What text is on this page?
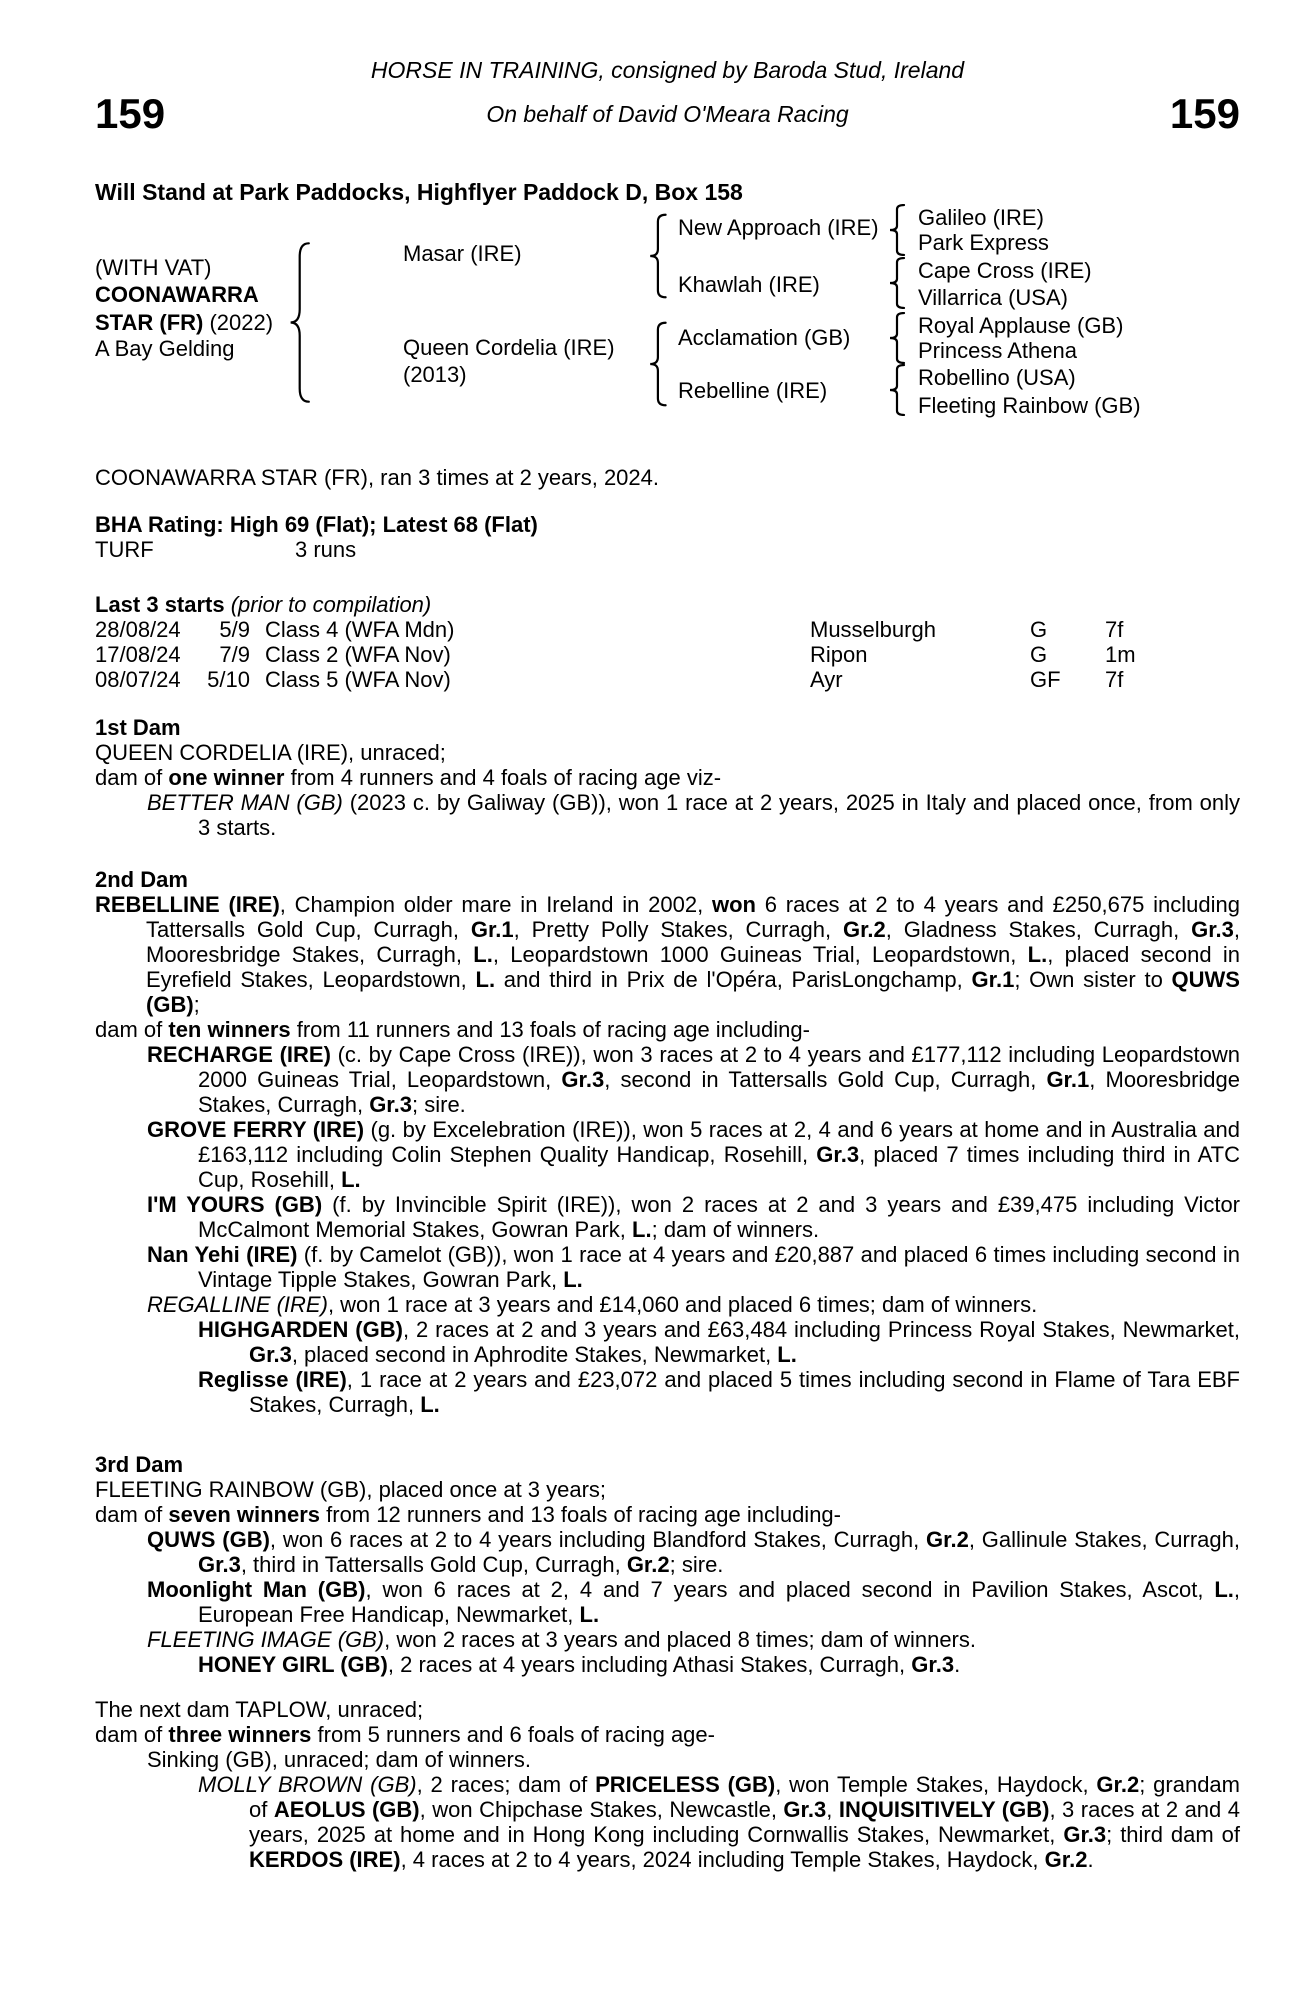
HORSE IN TRAINING, consigned by Baroda Stud, Ireland
159	159
On behalf of David O'Meara Racing
Will Stand at Park Paddocks, Highflyer Paddock D, Box 158
(WITH VAT)
COONAWARRA
STAR (FR) (2022)
A Bay Gelding
Masar (IRE)
Queen Cordelia (IRE)
(2013)
New Approach (IRE)
Khawlah (IRE)
Acclamation (GB)
Rebelline (IRE)
Galileo (IRE)
Park Express
Cape Cross (IRE)
Villarrica (USA)
Royal Applause (GB)
Princess Athena
Robellino (USA)
Fleeting Rainbow (GB)

COONAWARRA STAR (FR), ran 3 times at 2 years, 2024.

BHA Rating: High 69 (Flat); Latest 68 (Flat)

TURF	3 runs

Last 3 starts (prior to compilation)

28/08/24	5/9 Class 4 (WFA Mdn)	Musselburgh	G	7f
17/08/24	7/9 Class 2 (WFA Nov)	Ripon	G	1m
08/07/24	5/10 Class 5 (WFA Nov)	Ayr	GF 7f
1st Dam

QUEEN CORDELIA (IRE), unraced;

dam of one winner from 4 runners and 4 foals of racing age viz-

BETTER MAN (GB) (2023 c. by Galiway (GB)), won 1 race at 2 years, 2025 in Italy and placed once, from only 3 starts.

2nd Dam

REBELLINE (IRE), Champion older mare in Ireland in 2002, won 6 races at 2 to 4 years and £250,675 including Tattersalls Gold Cup, Curragh, Gr.1, Pretty Polly Stakes, Curragh, Gr.2, Gladness Stakes, Curragh, Gr.3, Mooresbridge Stakes, Curragh, L., Leopardstown 1000 Guineas Trial, Leopardstown, L., placed second in Eyrefield Stakes, Leopardstown, L. and third in Prix de l'Opéra, ParisLongchamp, Gr.1; Own sister to QUWS (GB);

dam of ten winners from 11 runners and 13 foals of racing age including-

RECHARGE (IRE) (c. by Cape Cross (IRE)), won 3 races at 2 to 4 years and £177,112 including Leopardstown 2000 Guineas Trial, Leopardstown, Gr.3, second in Tattersalls Gold Cup, Curragh, Gr.1, Mooresbridge Stakes, Curragh, Gr.3; sire.

GROVE FERRY (IRE) (g. by Excelebration (IRE)), won 5 races at 2, 4 and 6 years at home and in Australia and £163,112 including Colin Stephen Quality Handicap, Rosehill, Gr.3, placed 7 times including third in ATC Cup, Rosehill, L.

I'M YOURS (GB) (f. by Invincible Spirit (IRE)), won 2 races at 2 and 3 years and £39,475 including Victor McCalmont Memorial Stakes, Gowran Park, L.; dam of winners.

Nan Yehi (IRE) (f. by Camelot (GB)), won 1 race at 4 years and £20,887 and placed 6 times including second in Vintage Tipple Stakes, Gowran Park, L.

REGALLINE (IRE), won 1 race at 3 years and £14,060 and placed 6 times; dam of winners.

HIGHGARDEN (GB), 2 races at 2 and 3 years and £63,484 including Princess Royal Stakes, Newmarket, Gr.3, placed second in Aphrodite Stakes, Newmarket, L.

Reglisse (IRE), 1 race at 2 years and £23,072 and placed 5 times including second in Flame of Tara EBF Stakes, Curragh, L.

3rd Dam

FLEETING RAINBOW (GB), placed once at 3 years;

dam of seven winners from 12 runners and 13 foals of racing age including-

QUWS (GB), won 6 races at 2 to 4 years including Blandford Stakes, Curragh, Gr.2, Gallinule Stakes, Curragh, Gr.3, third in Tattersalls Gold Cup, Curragh, Gr.2; sire.

Moonlight Man (GB), won 6 races at 2, 4 and 7 years and placed second in Pavilion Stakes, Ascot, L., European Free Handicap, Newmarket, L.

FLEETING IMAGE (GB), won 2 races at 3 years and placed 8 times; dam of winners.

HONEY GIRL (GB), 2 races at 4 years including Athasi Stakes, Curragh, Gr.3.

The next dam TAPLOW, unraced;

dam of three winners from 5 runners and 6 foals of racing age-

Sinking (GB), unraced; dam of winners.

MOLLY BROWN (GB), 2 races; dam of PRICELESS (GB), won Temple Stakes, Haydock, Gr.2; grandam of AEOLUS (GB), won Chipchase Stakes, Newcastle, Gr.3, INQUISITIVELY (GB), 3 races at 2 and 4 years, 2025 at home and in Hong Kong including Cornwallis Stakes, Newmarket, Gr.3; third dam of KERDOS (IRE), 4 races at 2 to 4 years, 2024 including Temple Stakes, Haydock, Gr.2.
